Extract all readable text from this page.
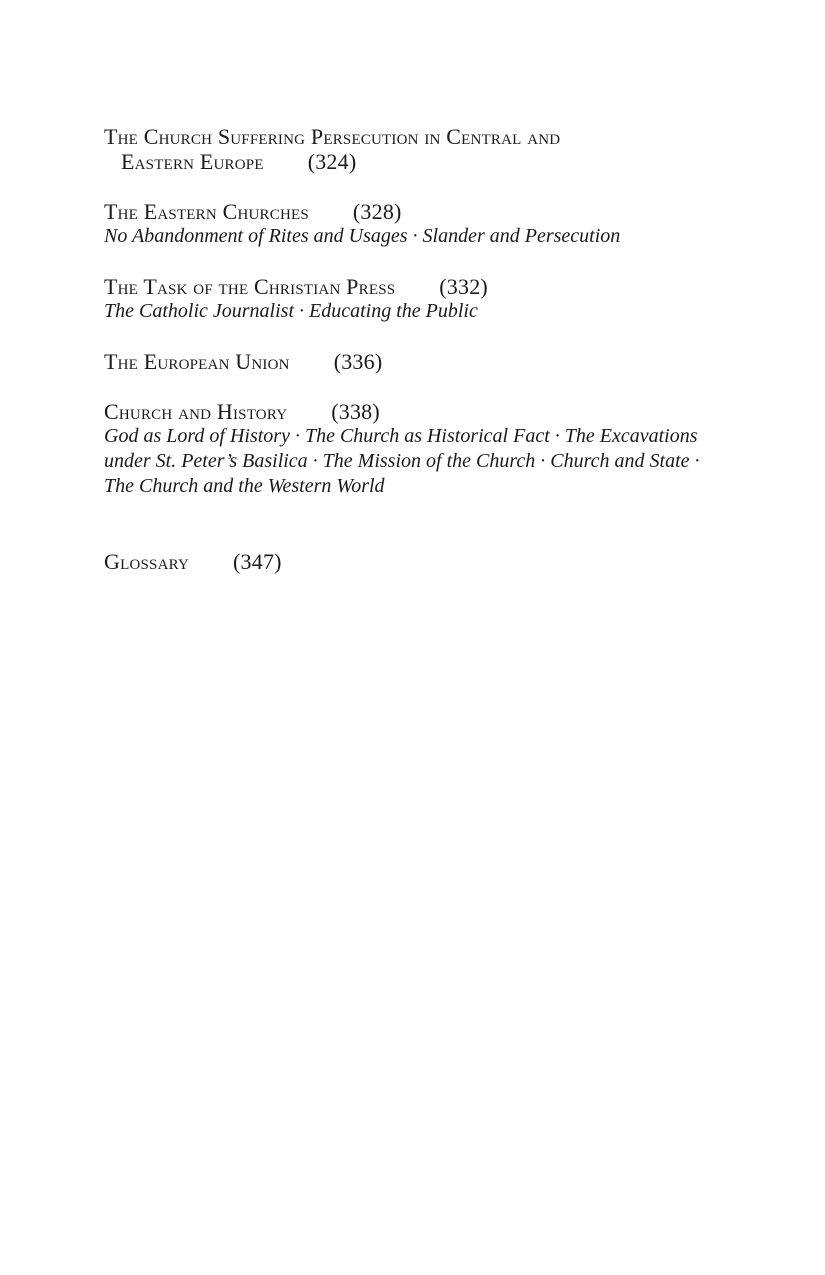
The Church Suffering Persecution in Central and
Eastern Europe (324)
The Eastern Churches (328)
No Abandonment of Rites and Usages · Slander and Persecution
The Task of the Christian Press (332)
The Catholic Journalist · Educating the Public
The European Union (336)
Church and History (338)
God as Lord of History · The Church as Historical Fact · The Excavations
under St. Peter’s Basilica · The Mission of the Church · Church and State ·
The Church and the Western World
Glossary (347)
